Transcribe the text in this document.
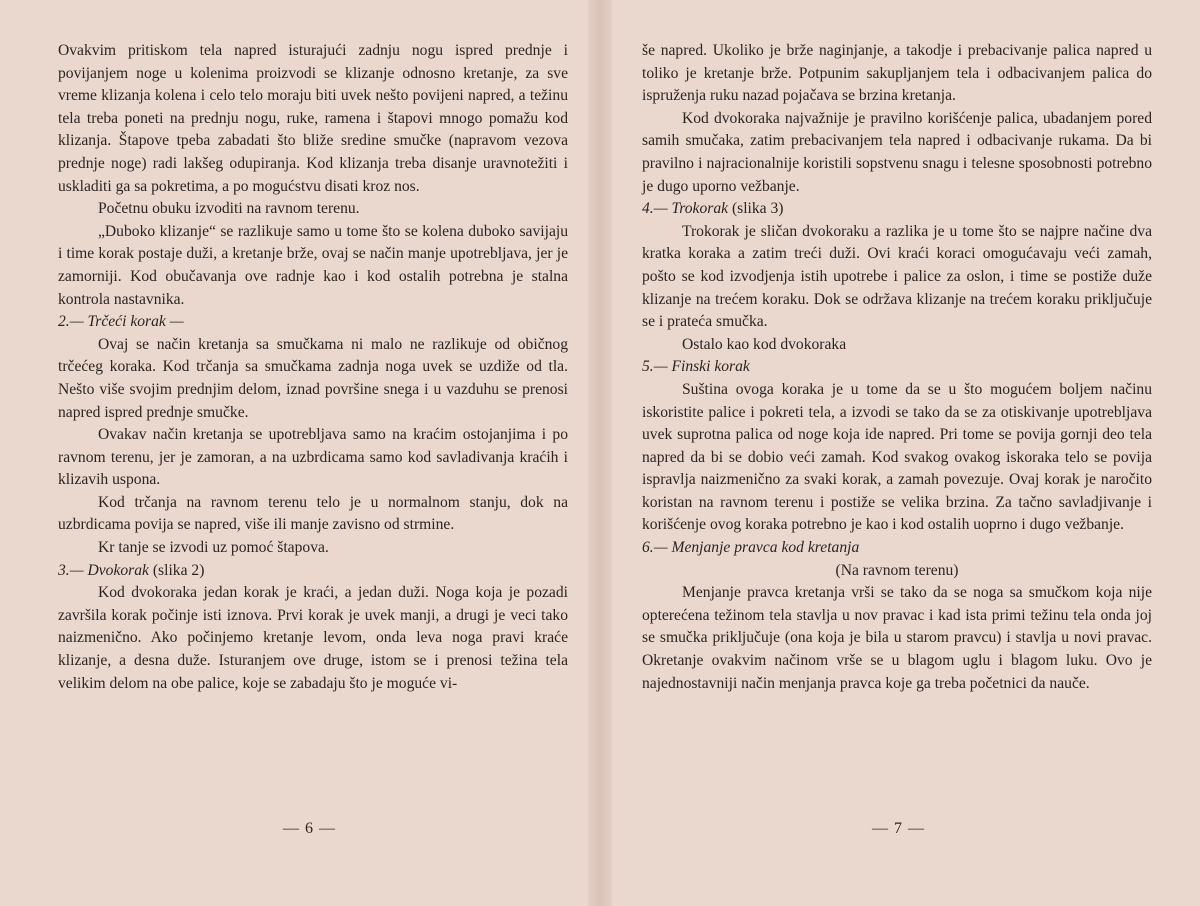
Ovakvim pritiskom tela napred isturajući zadnju nogu ispred prednje i povijanjem noge u kolenima proizvodi se klizanje odnosno kretanje, za sve vreme klizanja kolena i celo telo moraju biti uvek nešto povijeni napred, a težinu tela treba poneti na prednju nogu, ruke, ramena i štapovi mnogo pomažu kod klizanja. Štapove tpeba zabadati što bliže sredine smučke (napravom vezova prednje noge) radi lakšeg odupiranja. Kod klizanja treba disanje uravnotežiti i uskladiti ga sa pokretima, a po mogućstvu disati kroz nos.

Početnu obuku izvoditi na ravnom terenu.

„Duboko klizanje“ se razlikuje samo u tome što se kolena duboko savijaju i time korak postaje duži, a kretanje brže, ovaj se način manje upotrebljava, jer je zamorniji. Kod obučavanja ove radnje kao i kod ostalih potrebna je stalna kontrola nastavnika.

2.— Trčeći korak —

Ovaj se način kretanja sa smučkama ni malo ne razlikuje od običnog trčećeg koraka. Kod trčanja sa smučkama zadnja noga uvek se uzdiže od tla. Nešto više svojim prednjim delom, iznad površine snega i u vazduhu se prenosi napred ispred prednje smučke.

Ovakav način kretanja se upotrebljava samo na kraćim ostojanjima i po ravnom terenu, jer je zamoran, a na uzbrdicama samo kod savladivanja kraćih i klizavih uspona.

Kod trčanja na ravnom terenu telo je u normalnom stanju, dok na uzbrdicama povija se napred, više ili manje zavisno od strmine.

Kr tanje se izvodi uz pomoć štapova.

3.— Dvokorak (slika 2)

Kod dvokoraka jedan korak je kraći, a jedan duži. Noga koja je pozadi završila korak počinje isti iznova. Prvi korak je uvek manji, a drugi je veci tako naizmenično. Ako počinjemo kretanje levom, onda leva noga pravi kraće klizanje, a desna duže. Isturanjem ove druge, istom se i prenosi težina tela velikim delom na obe palice, koje se zabadaju što je moguće vi-

— 6 —

še napred. Ukoliko je brže naginjanje, a takodje i prebacivanje palica napred u toliko je kretanje brže. Potpunim sakupljanjem tela i odbacivanjem palica do ispruženja ruku nazad pojačava se brzina kretanja.

Kod dvokoraka najvažnije je pravilno korišćenje palica, ubadanjem pored samih smučaka, zatim prebacivanjem tela napred i odbacivanje rukama. Da bi pravilno i najracionalnije koristili sopstvenu snagu i telesne sposobnosti potrebno je dugo uporno vežbanje.

4.— Trokorak (slika 3)

Trokorak je sličan dvokoraku a razlika je u tome što se najpre načine dva kratka koraka a zatim treći duži. Ovi kraći koraci omogućavaju veći zamah, pošto se kod izvodjenja istih upotrebe i palice za oslon, i time se postiže duže klizanje na trećem koraku. Dok se održava klizanje na trećem koraku priključuje se i prateća smučka.

Ostalo kao kod dvokoraka

5.— Finski korak

Suština ovoga koraka je u tome da se u što mogućem boljem načinu iskoristite palice i pokreti tela, a izvodi se tako da se za otiskivanje upotrebljava uvek suprotna palica od noge koja ide napred. Pri tome se povija gornji deo tela napred da bi se dobio veći zamah. Kod svakog ovakog iskoraka telo se povija ispravlja naizmenično za svaki korak, a zamah povezuje. Ovaj korak je naročito koristan na ravnom terenu i postiže se velika brzina. Za tačno savladjivanje i korišćenje ovog koraka potrebno je kao i kod ostalih uoprno i dugo vežbanje.

6.— Menjanje pravca kod kretanja

(Na ravnom terenu)

Menjanje pravca kretanja vrši se tako da se noga sa smučkom koja nije opterećena težinom tela stavlja u nov pravac i kad ista primi težinu tela onda joj se smučka priključuje (ona koja je bila u starom pravcu) i stavlja u novi pravac. Okretanje ovakvim načinom vrše se u blagom uglu i blagom luku. Ovo je najednostavniji način menjanja pravca koje ga treba početnici da nauče.

— 7 —
